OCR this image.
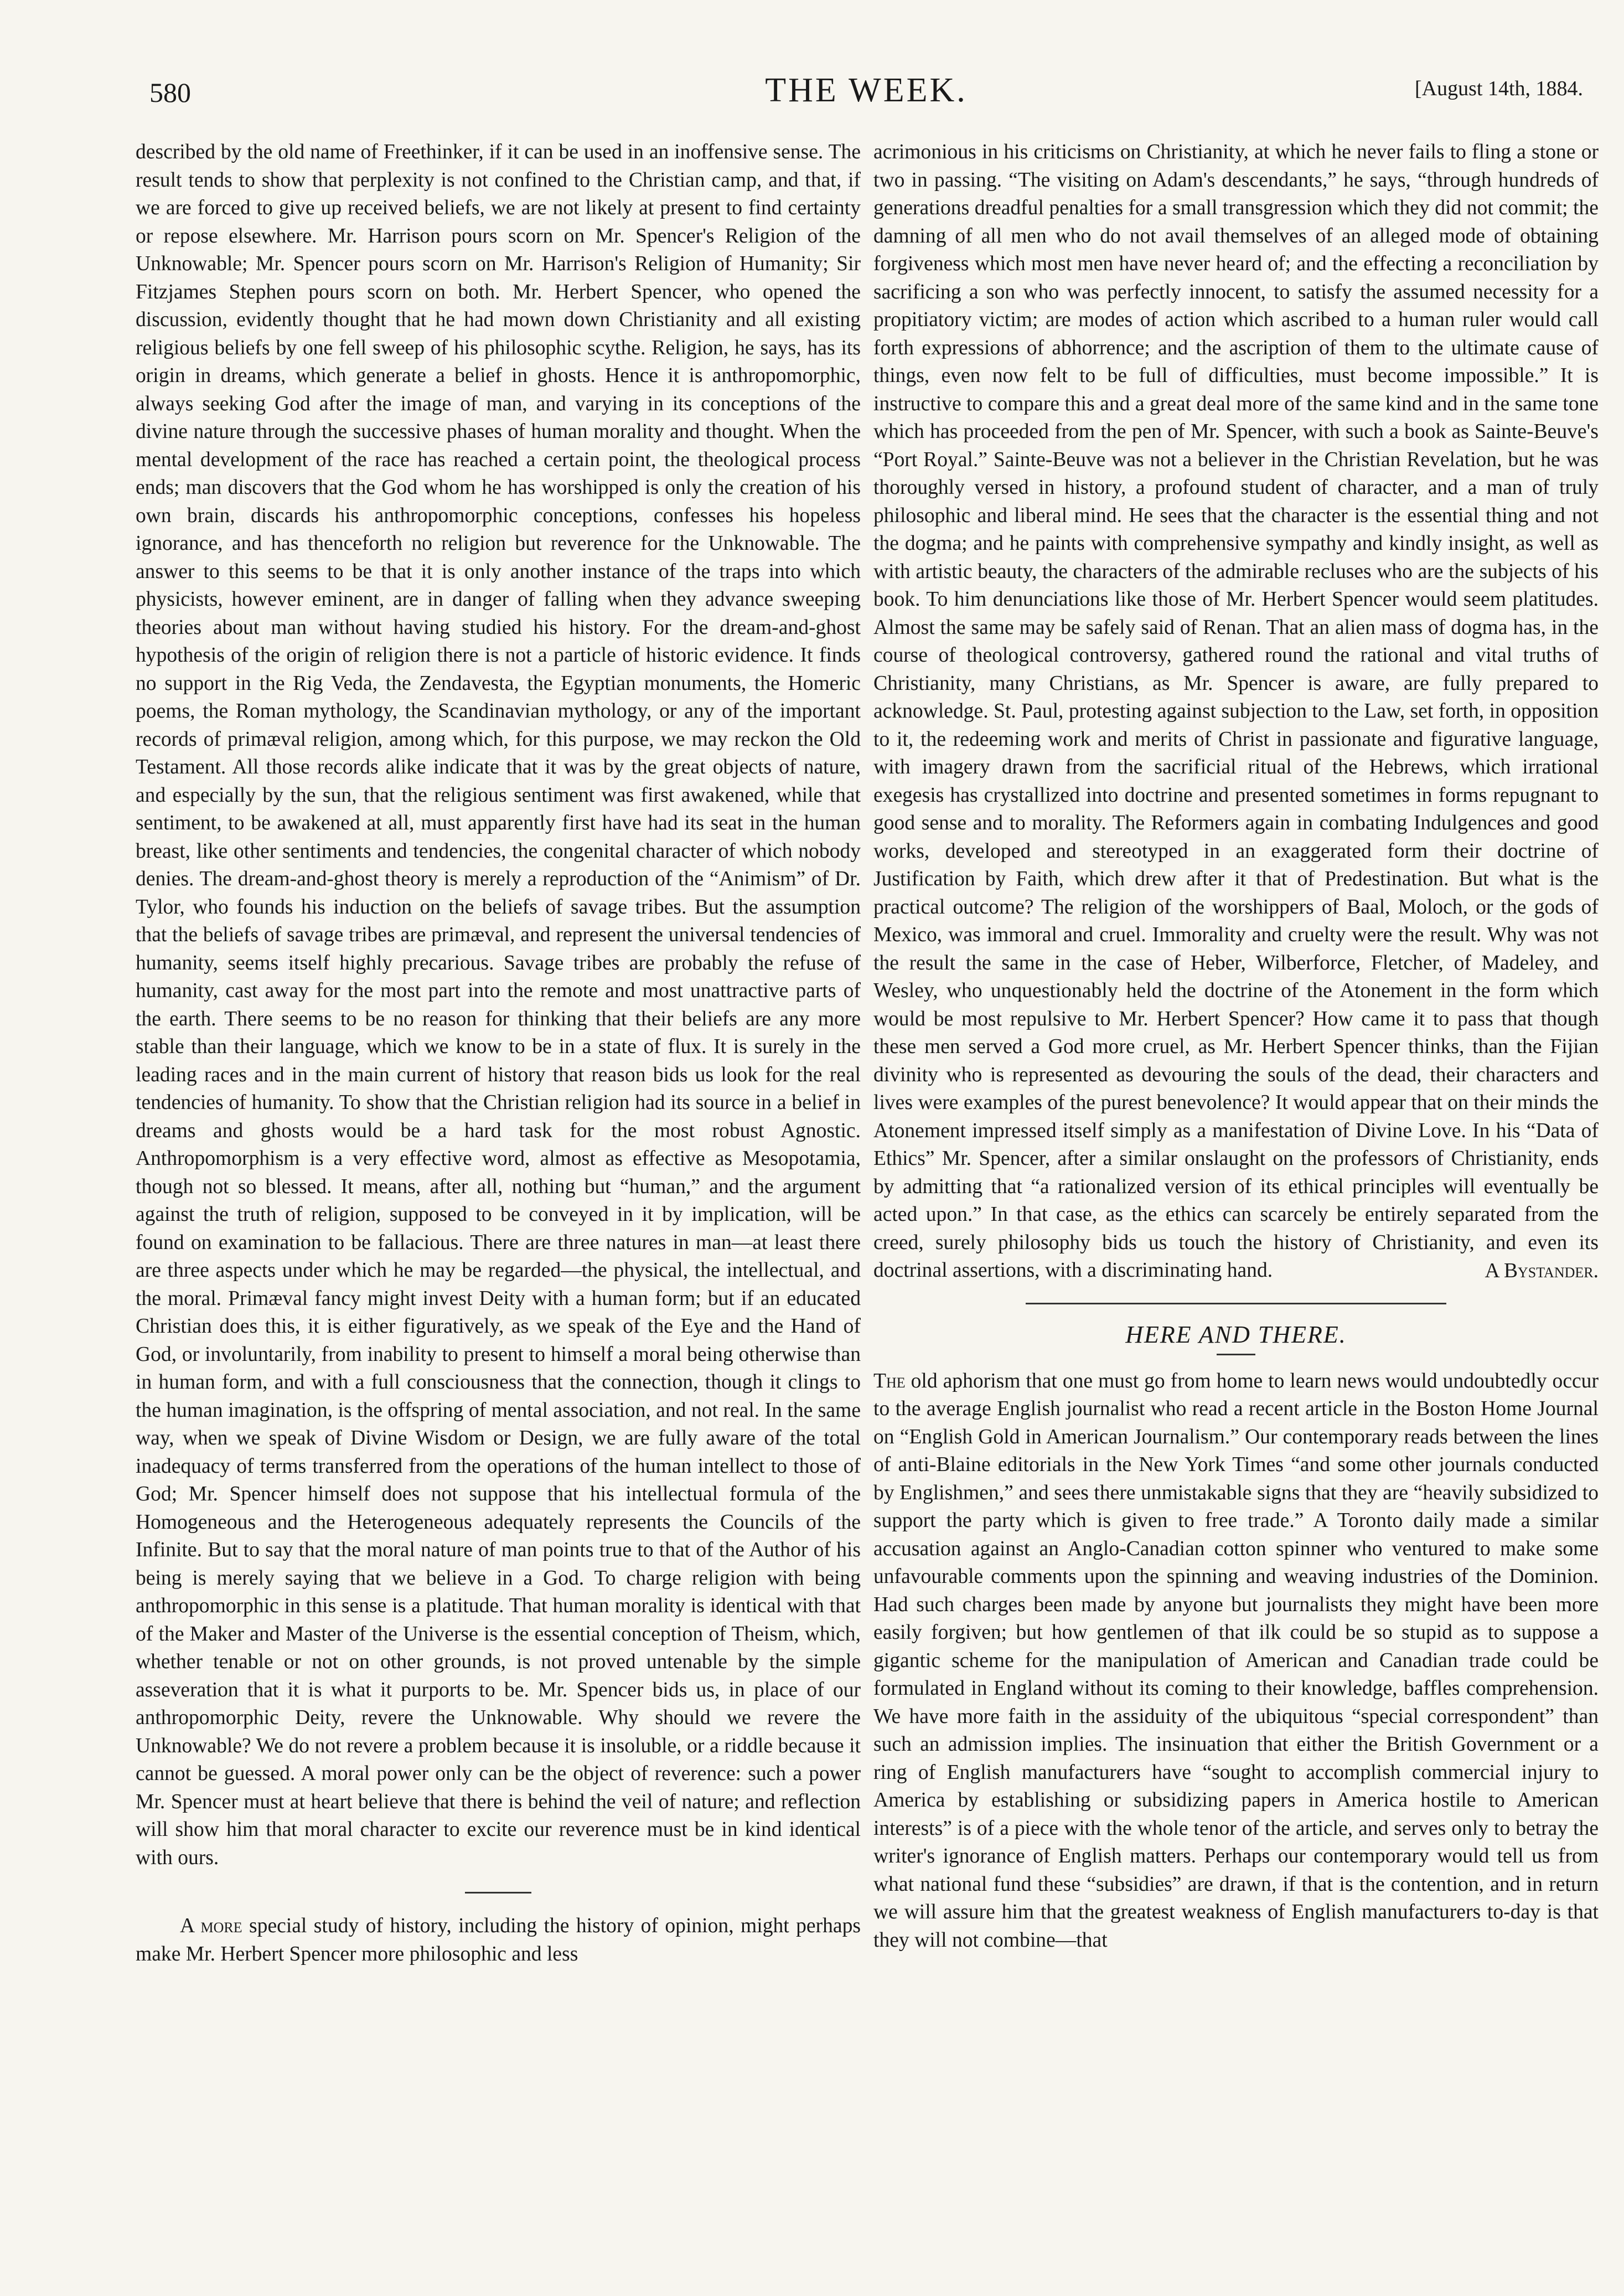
580	THE WEEK.	[August 14th, 1884.

described by the old name of Freethinker, if it can be used in an inoffensive sense. The result tends to show that perplexity is not confined to the Christian camp, and that, if we are forced to give up received beliefs, we are not likely at present to find certainty or repose elsewhere. Mr. Harrison pours scorn on Mr. Spencer's Religion of the Unknowable; Mr. Spencer pours scorn on Mr. Harrison's Religion of Humanity; Sir Fitzjames Stephen pours scorn on both. Mr. Herbert Spencer, who opened the discussion, evidently thought that he had mown down Christianity and all existing religious beliefs by one fell sweep of his philosophic scythe. Religion, he says, has its origin in dreams, which generate a belief in ghosts. Hence it is anthropomorphic, always seeking God after the image of man, and varying in its conceptions of the divine nature through the successive phases of human morality and thought. When the mental development of the race has reached a certain point, the theological process ends; man discovers that the God whom he has worshipped is only the creation of his own brain, discards his anthropomorphic conceptions, confesses his hopeless ignorance, and has thenceforth no religion but reverence for the Unknowable. The answer to this seems to be that it is only another instance of the traps into which physicists, however eminent, are in danger of falling when they advance sweeping theories about man without having studied his history. For the dream-and-ghost hypothesis of the origin of religion there is not a particle of historic evidence. It finds no support in the Rig Veda, the Zendavesta, the Egyptian monuments, the Homeric poems, the Roman mythology, the Scandinavian mythology, or any of the important records of primæval religion, among which, for this purpose, we may reckon the Old Testament. All those records alike indicate that it was by the great objects of nature, and especially by the sun, that the religious sentiment was first awakened, while that sentiment, to be awakened at all, must apparently first have had its seat in the human breast, like other sentiments and tendencies, the congenital character of which nobody denies. The dream-and-ghost theory is merely a reproduction of the “Animism” of Dr. Tylor, who founds his induction on the beliefs of savage tribes. But the assumption that the beliefs of savage tribes are primæval, and represent the universal tendencies of humanity, seems itself highly precarious. Savage tribes are probably the refuse of humanity, cast away for the most part into the remote and most unattractive parts of the earth. There seems to be no reason for thinking that their beliefs are any more stable than their language, which we know to be in a state of flux. It is surely in the leading races and in the main current of history that reason bids us look for the real tendencies of humanity. To show that the Christian religion had its source in a belief in dreams and ghosts would be a hard task for the most robust Agnostic. Anthropomorphism is a very effective word, almost as effective as Mesopotamia, though not so blessed. It means, after all, nothing but “human,” and the argument against the truth of religion, supposed to be conveyed in it by implication, will be found on examination to be fallacious. There are three natures in man—at least there are three aspects under which he may be regarded—the physical, the intellectual, and the moral. Primæval fancy might invest Deity with a human form; but if an educated Christian does this, it is either figuratively, as we speak of the Eye and the Hand of God, or involuntarily, from inability to present to himself a moral being otherwise than in human form, and with a full consciousness that the connection, though it clings to the human imagination, is the offspring of mental association, and not real. In the same way, when we speak of Divine Wisdom or Design, we are fully aware of the total inadequacy of terms transferred from the operations of the human intellect to those of God; Mr. Spencer himself does not suppose that his intellectual formula of the Homogeneous and the Heterogeneous adequately represents the Councils of the Infinite. But to say that the moral nature of man points true to that of the Author of his being is merely saying that we believe in a God. To charge religion with being anthropomorphic in this sense is a platitude. That human morality is identical with that of the Maker and Master of the Universe is the essential conception of Theism, which, whether tenable or not on other grounds, is not proved untenable by the simple asseveration that it is what it purports to be. Mr. Spencer bids us, in place of our anthropomorphic Deity, revere the Unknowable. Why should we revere the Unknowable? We do not revere a problem because it is insoluble, or a riddle because it cannot be guessed. A moral power only can be the object of reverence: such a power Mr. Spencer must at heart believe that there is behind the veil of nature; and reflection will show him that moral character to excite our reverence must be in kind identical with ours.

A more special study of history, including the history of opinion, might perhaps make Mr. Herbert Spencer more philosophic and less

acrimonious in his criticisms on Christianity, at which he never fails to fling a stone or two in passing. “The visiting on Adam's descendants,” he says, “through hundreds of generations dreadful penalties for a small transgression which they did not commit; the damning of all men who do not avail themselves of an alleged mode of obtaining forgiveness which most men have never heard of; and the effecting a reconciliation by sacrificing a son who was perfectly innocent, to satisfy the assumed necessity for a propitiatory victim; are modes of action which ascribed to a human ruler would call forth expressions of abhorrence; and the ascription of them to the ultimate cause of things, even now felt to be full of difficulties, must become impossible.” It is instructive to compare this and a great deal more of the same kind and in the same tone which has proceeded from the pen of Mr. Spencer, with such a book as Sainte-Beuve's “Port Royal.” Sainte-Beuve was not a believer in the Christian Revelation, but he was thoroughly versed in history, a profound student of character, and a man of truly philosophic and liberal mind. He sees that the character is the essential thing and not the dogma; and he paints with comprehensive sympathy and kindly insight, as well as with artistic beauty, the characters of the admirable recluses who are the subjects of his book. To him denunciations like those of Mr. Herbert Spencer would seem platitudes. Almost the same may be safely said of Renan. That an alien mass of dogma has, in the course of theological controversy, gathered round the rational and vital truths of Christianity, many Christians, as Mr. Spencer is aware, are fully prepared to acknowledge. St. Paul, protesting against subjection to the Law, set forth, in opposition to it, the redeeming work and merits of Christ in passionate and figurative language, with imagery drawn from the sacrificial ritual of the Hebrews, which irrational exegesis has crystallized into doctrine and presented sometimes in forms repugnant to good sense and to morality. The Reformers again in combating Indulgences and good works, developed and stereotyped in an exaggerated form their doctrine of Justification by Faith, which drew after it that of Predestination. But what is the practical outcome? The religion of the worshippers of Baal, Moloch, or the gods of Mexico, was immoral and cruel. Immorality and cruelty were the result. Why was not the result the same in the case of Heber, Wilberforce, Fletcher, of Madeley, and Wesley, who unquestionably held the doctrine of the Atonement in the form which would be most repulsive to Mr. Herbert Spencer? How came it to pass that though these men served a God more cruel, as Mr. Herbert Spencer thinks, than the Fijian divinity who is represented as devouring the souls of the dead, their characters and lives were examples of the purest benevolence? It would appear that on their minds the Atonement impressed itself simply as a manifestation of Divine Love. In his “Data of Ethics” Mr. Spencer, after a similar onslaught on the professors of Christianity, ends by admitting that “a rationalized version of its ethical principles will eventually be acted upon.” In that case, as the ethics can scarcely be entirely separated from the creed, surely philosophy bids us touch the history of Christianity, and even its doctrinal assertions, with a discriminating hand.	A Bystander.
HERE AND THERE.

The old aphorism that one must go from home to learn news would undoubtedly occur to the average English journalist who read a recent article in the Boston Home Journal on “English Gold in American Journalism.” Our contemporary reads between the lines of anti-Blaine editorials in the New York Times “and some other journals conducted by Englishmen,” and sees there unmistakable signs that they are “heavily subsidized to support the party which is given to free trade.” A Toronto daily made a similar accusation against an Anglo-Canadian cotton spinner who ventured to make some unfavourable comments upon the spinning and weaving industries of the Dominion. Had such charges been made by anyone but journalists they might have been more easily forgiven; but how gentlemen of that ilk could be so stupid as to suppose a gigantic scheme for the manipulation of American and Canadian trade could be formulated in England without its coming to their knowledge, baffles comprehension. We have more faith in the assiduity of the ubiquitous “special correspondent” than such an admission implies. The insinuation that either the British Government or a ring of English manufacturers have “sought to accomplish commercial injury to America by establishing or subsidizing papers in America hostile to American interests” is of a piece with the whole tenor of the article, and serves only to betray the writer's ignorance of English matters. Perhaps our contemporary would tell us from what national fund these “subsidies” are drawn, if that is the contention, and in return we will assure him that the greatest weakness of English manufacturers to-day is that they will not combine—that
